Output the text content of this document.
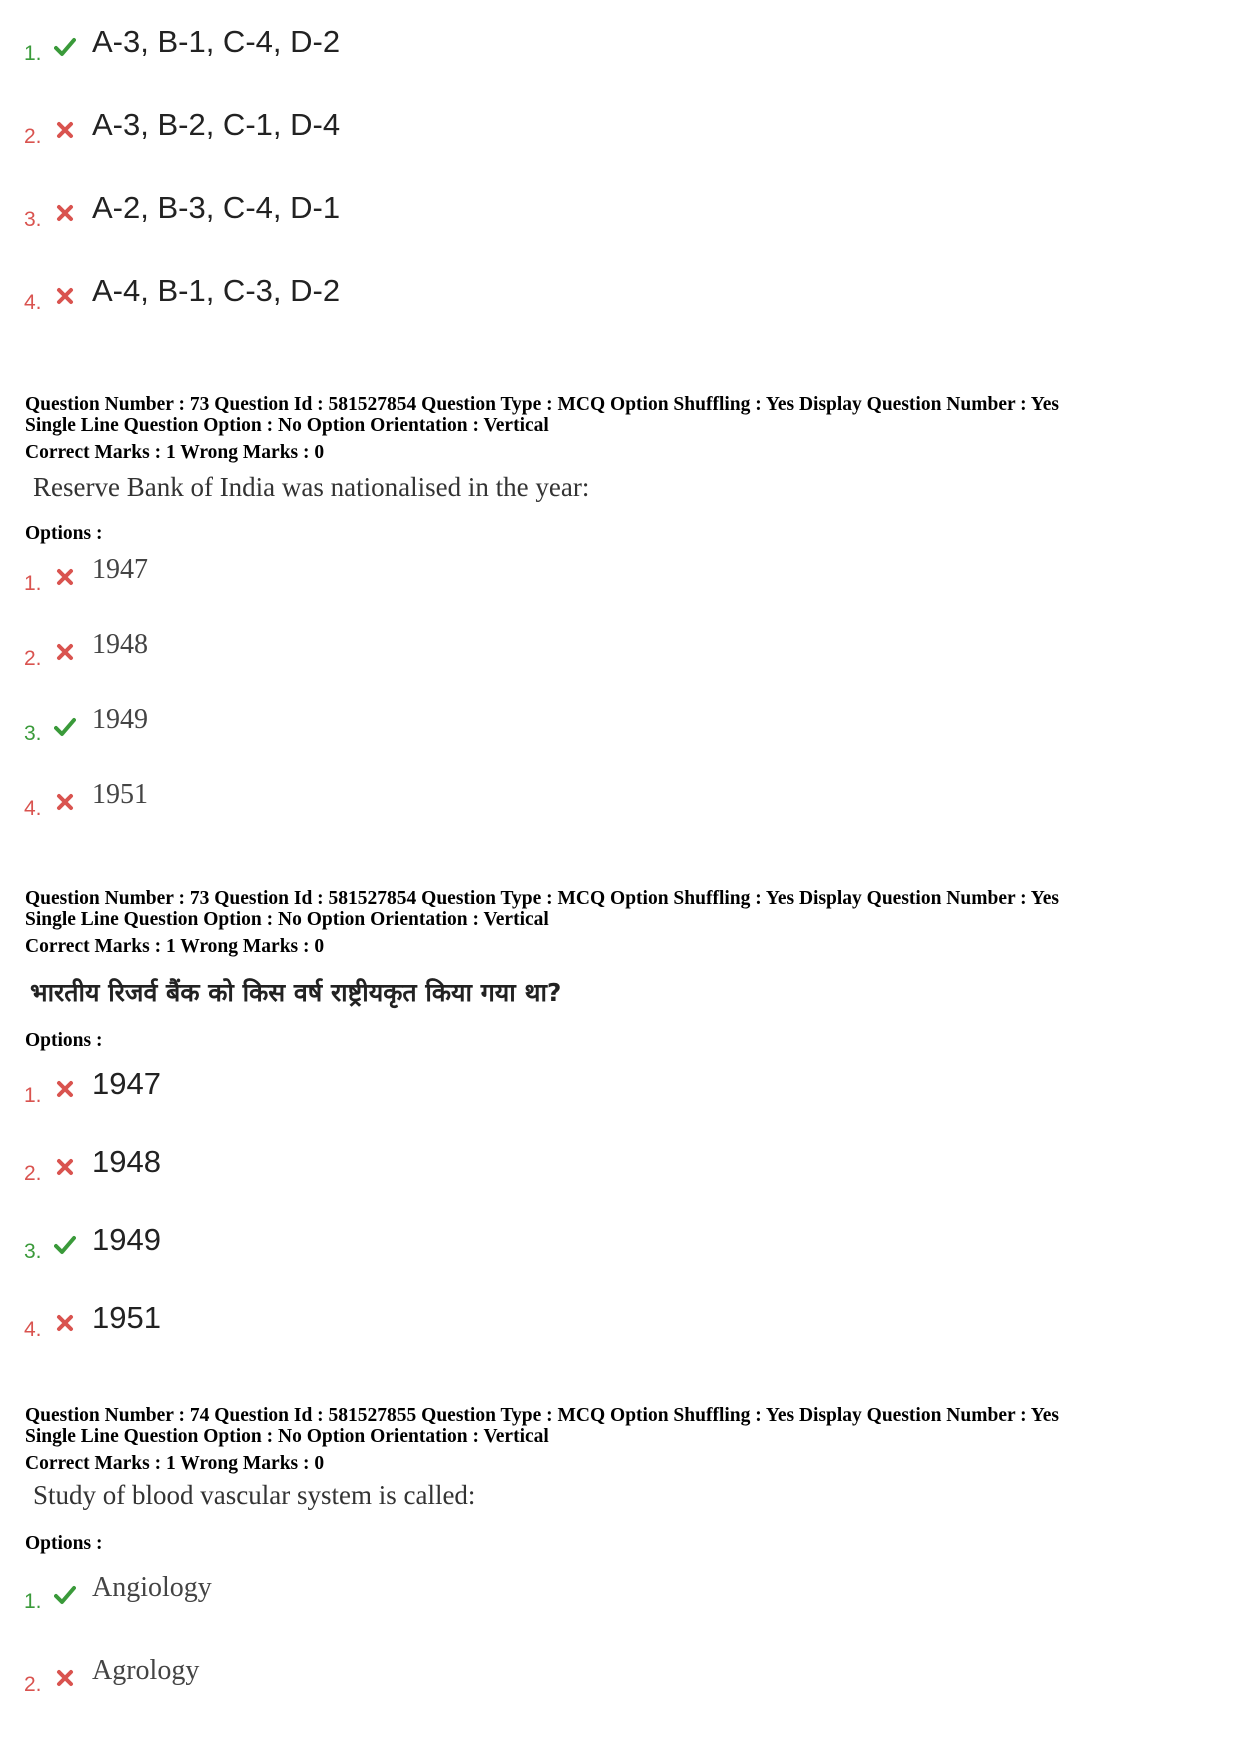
1. A-3, B-1, C-4, D-2
2. A-3, B-2, C-1, D-4
3. A-2, B-3, C-4, D-1
4. A-4, B-1, C-3, D-2
Question Number : 73 Question Id : 581527854 Question Type : MCQ Option Shuffling : Yes Display Question Number : Yes
Single Line Question Option : No Option Orientation : Vertical
Correct Marks : 1 Wrong Marks : 0
Reserve Bank of India was nationalised in the year:
Options :
1. 1947
2. 1948
3. 1949
4. 1951
Question Number : 73 Question Id : 581527854 Question Type : MCQ Option Shuffling : Yes Display Question Number : Yes
Single Line Question Option : No Option Orientation : Vertical
Correct Marks : 1 Wrong Marks : 0
भारतीय रिजर्व बैंक को किस वर्ष राष्ट्रीयकृत किया गया था?
Options :
1. 1947
2. 1948
3. 1949
4. 1951
Question Number : 74 Question Id : 581527855 Question Type : MCQ Option Shuffling : Yes Display Question Number : Yes
Single Line Question Option : No Option Orientation : Vertical
Correct Marks : 1 Wrong Marks : 0
Study of blood vascular system is called:
Options :
1. Angiology
2. Agrology
